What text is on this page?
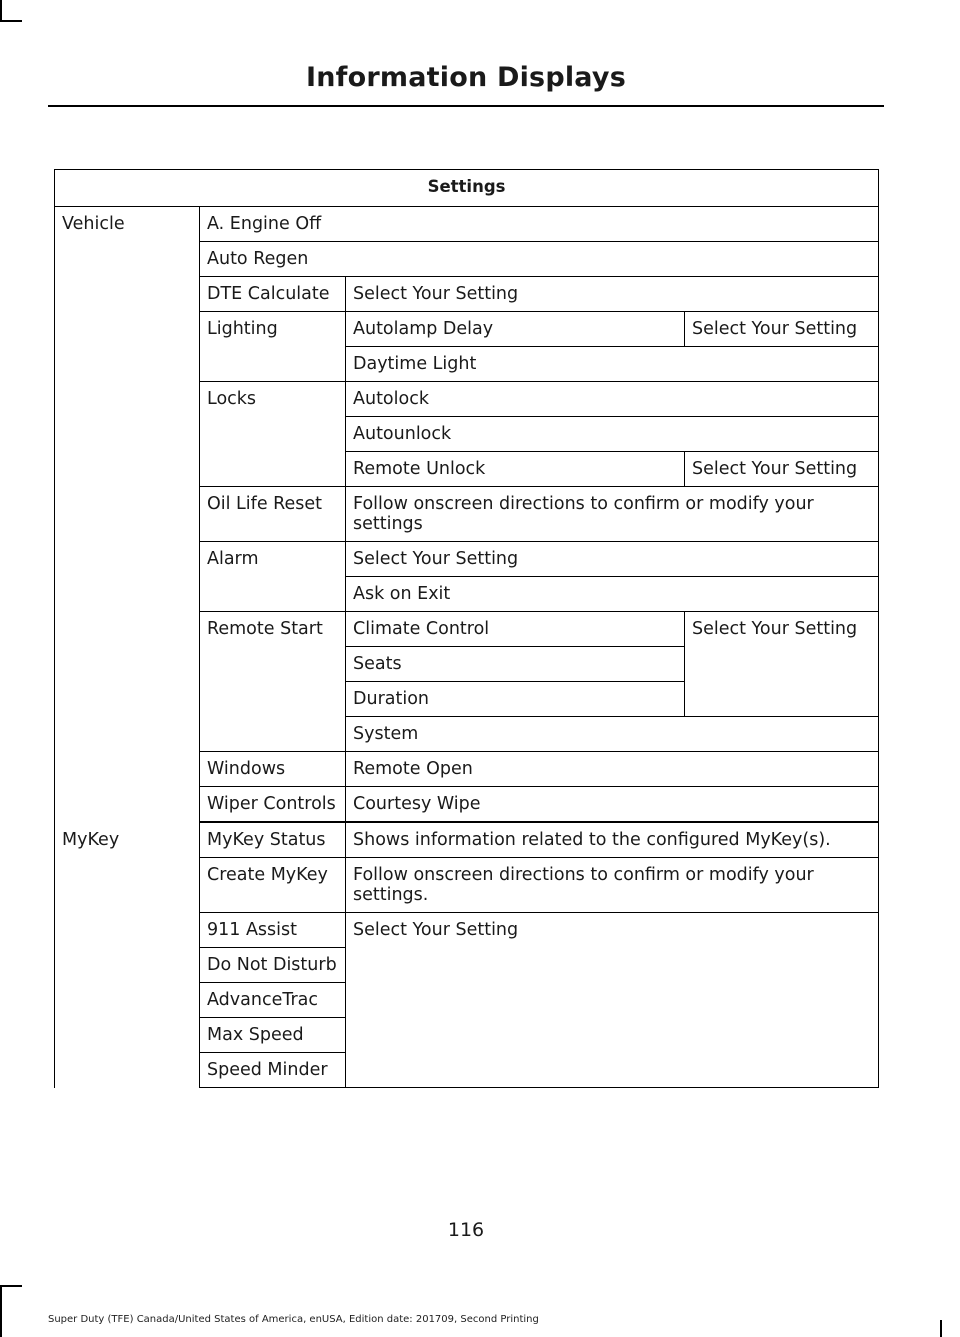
Information Displays
Settings			
Vehicle	A. Engine Off		
	Auto Regen		
	DTE Calculate	Select Your Setting	
	Lighting	Autolamp Delay	Select Your Setting
		Daytime Light	
	Locks	Autolock	
		Autounlock	
		Remote Unlock	Select Your Setting
	Oil Life Reset	Follow onscreen directions to confirm or modify your settings	
	Alarm	Select Your Setting	
		Ask on Exit	
	Remote Start	Climate Control	Select Your Setting
		Seats	
		Duration	
		System	
	Windows	Remote Open	
	Wiper Controls	Courtesy Wipe	

MyKey	MyKey Status	Shows information related to the configured MyKey(s).	
	Create MyKey	Follow onscreen directions to confirm or modify your settings.	
	911 Assist	Select Your Setting	
	Do Not Disturb		
	AdvanceTrac		
	Max Speed		
	Speed Minder		
116
Super Duty (TFE) Canada/United States of America, enUSA, Edition date: 201709, Second Printing
